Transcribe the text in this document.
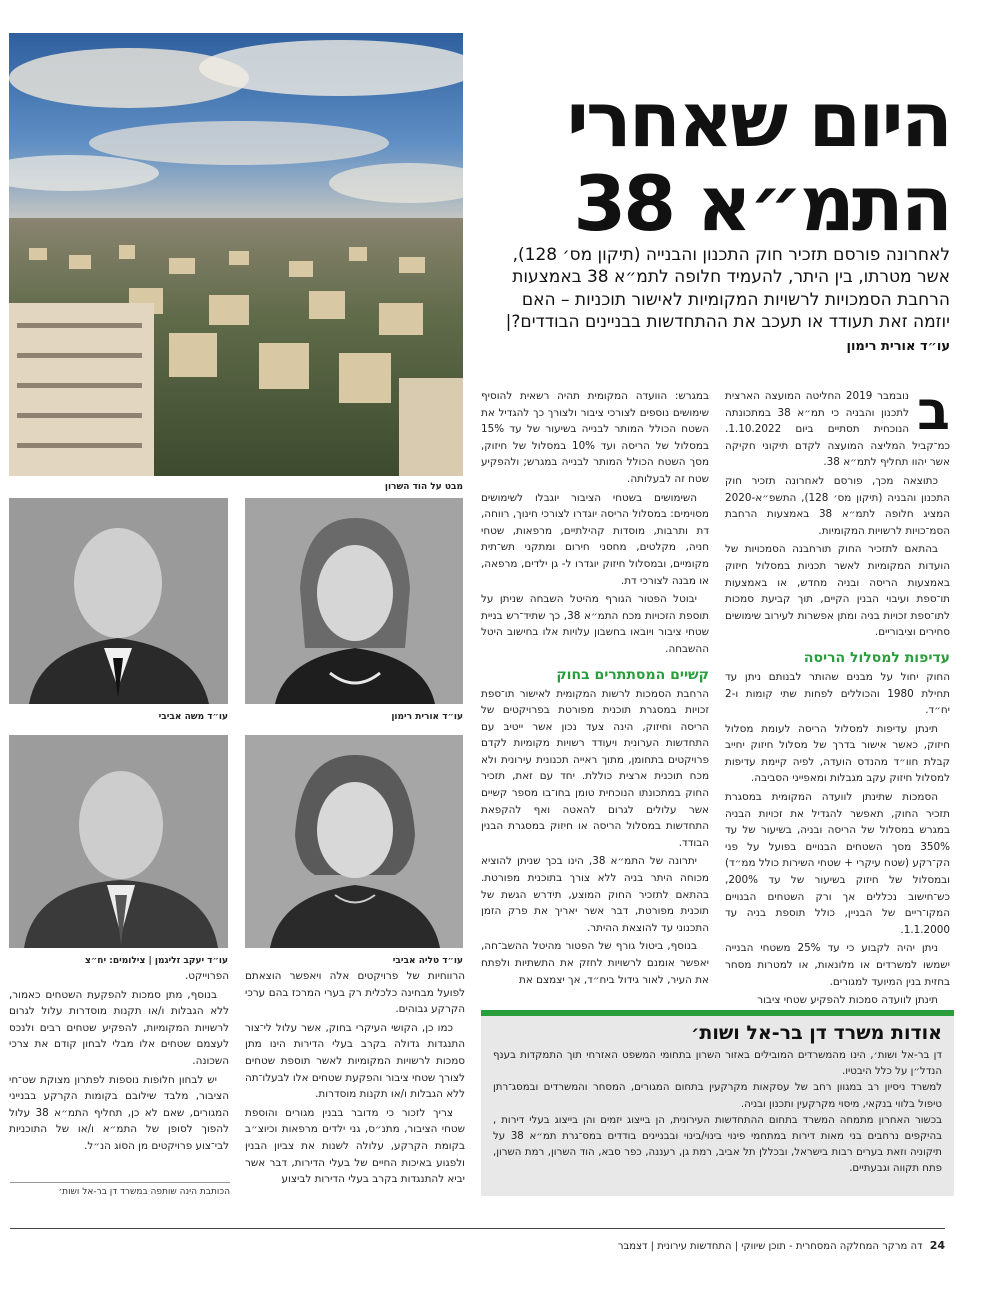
מבט על הוד השרון
עו״ד משה אביבי	עו״ד אורית רימון
עו״ד יעקב זליגמן | צילומים: יח״צ	עו״ד טליה אביבי
היום שאחרי
התמ״א 38
לאחרונה פורסם תזכיר חוק התכנון והבנייה (תיקון מס׳ 128), אשר מטרתו, בין היתר, להעמיד חלופה לתמ״א 38 באמצעות הרחבת הסמכויות לרשויות המקומיות לאישור תוכניות – האם יוזמה זאת תעודד או תעכב את ההתחדשות בבניינים הבודדים?| עו״ד אורית רימון

ב
נובמבר 2019 החליטה המועצה הארצית לתכנון והבניה כי תמ״א 38 במתכונתה הנוכחית תסתיים ביום 1.10.2022. כמ־קביל המליצה המועצה לקדם תיקוני חקיקה אשר יהוו תחליף לתמ״א 38.

כתוצאה מכך, פורסם לאחרונה תזכיר חוק התכנון והבניה (תיקון מס׳ 128), התשפ״א-2020 המציג חלופה לתמ״א 38 באמצעות הרחבת הסמ־כויות לרשויות המקומיות.

בהתאם לתזכיר החוק תורחבנה הסמכויות של הועדות המקומיות לאשר תכניות במסלול חיזוק באמצעות הריסה ובניה מחדש, או באמצעות תו־ספת ועיבוי הבנין הקיים, תוך קביעת סמכות לתו־ספת זכויות בניה ומתן אפשרות לעירוב שימושים סחירים וציבוריים.

עדיפות למסלול הריסה

החוק יחול על מבנים שהותר לבנותם ניתן עד תחילת 1980 והכוללים לפחות שתי קומות ו-2 יח״ד.

תינתן עדיפות למסלול הריסה לעומת מסלול חיזוק, כאשר אישור בדרך של מסלול חיזוק יחייב קבלת חוו״ד מהנדס הועדה, לפיה קיימת עדיפות למסלול חיזוק עקב מגבלות ומאפייני הסביבה.

הסמכות שתינתן לוועדה המקומית במסגרת תזכיר החוק, תאפשר להגדיל את זכויות הבניה במגרש במסלול של הריסה ובניה, בשיעור של עד 350% מסך השטחים הבנויים בפועל על פני הק־רקע (שטח עיקרי + שטחי השירות כולל ממ״ד) ובמסלול של חיזוק בשיעור של עד 200%, כש־חישוב נכללים אך ורק השטחים הבנויים המקו־ריים של הבניין, כולל תוספת בניה עד 1.1.2000.

ניתן יהיה לקבוע כי עד 25% משטחי הבנייה ישמשו למשרדים או מלונאות, או למטרות מסחר בחזית בנין המיועד למגורים.

תינתן לוועדה סמכות להפקיע שטחי ציבור

במגרש: הוועדה המקומית תהיה רשאית להוסיף שימושים נוספים לצורכי ציבור ולצורך כך להגדיל את השטח הכולל המותר לבנייה בשיעור של עד 15% במסלול של הריסה ועד 10% במסלול של חיזוק, מסך השטח הכולל המותר לבנייה במגרש; ולהפקיע שטח זה לבעלותה.

השימושים בשטחי הציבור יוגבלו לשימושים מסוימים: במסלול הריסה יוגדרו לצורכי חינוך, רווחה, דת ותרבות, מוסדות קהילתיים, מרפאות, שטחי חניה, מקלטים, מחסני חירום ומתקני תש־תית מקומיים, ובמסלול חיזוק יוגדרו ל- גן ילדים, מרפאה, או מבנה לצורכי דת.

יבוטל הפטור הגורף מהיטל השבחה שניתן על תוספת הזכויות מכח התמ״א 38, כך שתיד־רש בניית שטחי ציבור ויובאו בחשבון עלויות אלו בחישוב היטל ההשבחה.

קשיים המסתתרים בחוק

הרחבת הסמכות לרשות המקומית לאישור תו־ספת זכויות במסגרת תוכנית מפורטת בפרויקטים של הריסה וחיזוק, הינה צעד נכון אשר ייטיב עם התחדשות הערונית ויעודד רשויות מקומיות לקדם פרויקטים בתחומן, מתוך ראייה תכנונית עירונית ולא מכח תוכנית ארצית כוללת. יחד עם זאת, תזכיר החוק במתכונתו הנוכחית טומן בחו־בו מספר קשיים אשר עלולים לגרום להאטה ואף להקפאת התחדשות במסלול הריסה או חיזוק במסגרת הבנין הבודד.

יתרונה של התמ״א 38, הינו בכך שניתן להוציא מכוחה היתר בניה ללא צורך בתוכנית מפורטת. בהתאם לתזכיר החוק המוצע, תידרש הגשת של תוכנית מפורטת, דבר אשר יאריך את פרק הזמן התכנוני עד להוצאת ההיתר.

בנוסף, ביטול גורף של הפטור מהיטל ההשב־חה, יאפשר אומנם לרשויות לחזק את התשתיות ולפתח את העיר, לאור גידול ביח״ד, אך יצמצם את

הרווחיות של פרויקטים אלה ויאפשר הוצאתם לפועל מבחינה כלכלית רק בערי המרכז בהם ערכי הקרקע גבוהים.

כמו כן, הקושי העיקרי בחוק, אשר עלול לי־צור התנגדות גדולה בקרב בעלי הדירות הינו מתן סמכות לרשויות המקומיות לאשר תוספת שטחים לצורך שטחי ציבור והפקעת שטחים אלו לבעלו־תה ללא הגבלות ו/או תקנות מוסדרות.

צריך לזכור כי מדובר בבנין מגורים והוספת שטחי הציבור, מתנ״ס, גני ילדים מרפאות וכיוצ״ב בקומת הקרקע, עלולה לשנות את צביון הבנין ולפגוע באיכות החיים של בעלי הדירות, דבר אשר יביא להתנגדות בקרב בעלי הדירות לביצוע

הפרוייקט.

בנוסף, מתן סמכות להפקעת השטחים כאמור, ללא הגבלות ו/או תקנות מוסדרות עלול לגרום לרשויות המקומיות, להפקיע שטחים רבים ולנכס לעצמם שטחים אלו מבלי לבחון קודם את צרכי השכונה.

יש לבחון חלופות נוספות לפתרון מצוקת שט־חי הציבור, מלבד שילובם בקומות הקרקע בבנייני המגורים, שאם לא כן, תחליף התמ״א 38 עלול להפוך לסופן של התמ״א ו/או של התוכניות לבי־צוע פרויקטים מן הסוג הנ״ל.

הכותבת הינה שותפה במשרד דן בר-אל ושות׳
אודות משרד דן בר-אל ושות׳

דן בר-אל ושות׳, הינו מהמשרדים המובילים באזור השרון בתחומי המשפט האזרחי תוך התמקדות בענף הנדל״ן על כלל היבטיו.

למשרד ניסיון רב במגוון רחב של עסקאות מקרקעין בתחום המגורים, המסחר והמשרדים ובמסג־רתן טיפול בלווי בנקאי, מיסוי מקרקעין ותכנון ובניה.

בכשור האחרון מתמחה המשרד בתחום ההתחדשות העירונית, הן בייצוג יזמים והן בייצוג בעלי דירות , בהיקפים נרחבים בני מאות דירות במתחמי פינוי בינוי/בינוי ובבניינים בודדים במס־גרת תמ״א 38 על תיקוניה וזאת בערים רבות בישראל, ובכללן תל אביב, רמת גן, רעננה, כפר סבא, הוד השרון, רמת השרון, פתח תקווה וגבעתיים.

24 דה מרקר המחלקה המסחרית - תוכן שיווקי | התחדשות עירונית | דצמבר
